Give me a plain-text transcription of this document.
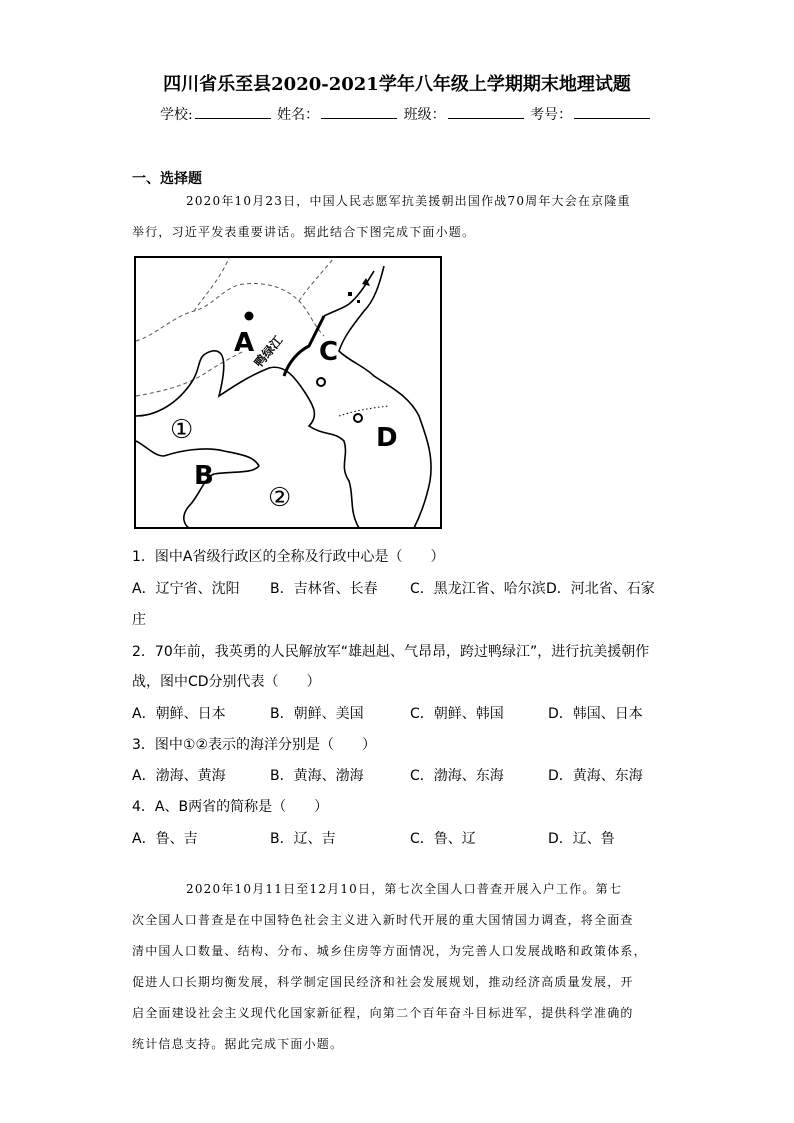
四川省乐至县2020-2021学年八年级上学期期末地理试题
学校:	姓名：	班级：	考号：
一、选择题
2020年10月23日，中国人民志愿军抗美援朝出国作战70周年大会在京隆重
举行，习近平发表重要讲话。据此结合下图完成下面小题。
A C
D
B
①
②
鸭绿江
1．图中A省级行政区的全称及行政中心是（　　）
A．辽宁省、沈阳 B．吉林省、长春 C．黑龙江省、哈尔滨 D．河北省、石家
庄
2．70年前，我英勇的人民解放军“雄赳赳、气昂昂，跨过鸭绿江”，进行抗美援朝作
战，图中CD分别代表（　　）
A．朝鲜、日本	B．朝鲜、美国	C．朝鲜、韩国	D．韩国、日本
3．图中①②表示的海洋分别是（　　）
A．渤海、黄海	B．黄海、渤海	C．渤海、东海	D．黄海、东海
4．A、B两省的简称是（　　）
A．鲁、吉	B．辽、吉	C．鲁、辽	D．辽、鲁
2020年10月11日至12月10日，第七次全国人口普查开展入户工作。第七
次全国人口普查是在中国特色社会主义进入新时代开展的重大国情国力调查，将全面查
清中国人口数量、结构、分布、城乡住房等方面情况，为完善人口发展战略和政策体系，
促进人口长期均衡发展，科学制定国民经济和社会发展规划，推动经济高质量发展，开
启全面建设社会主义现代化国家新征程，向第二个百年奋斗目标进军，提供科学准确的
统计信息支持。据此完成下面小题。
